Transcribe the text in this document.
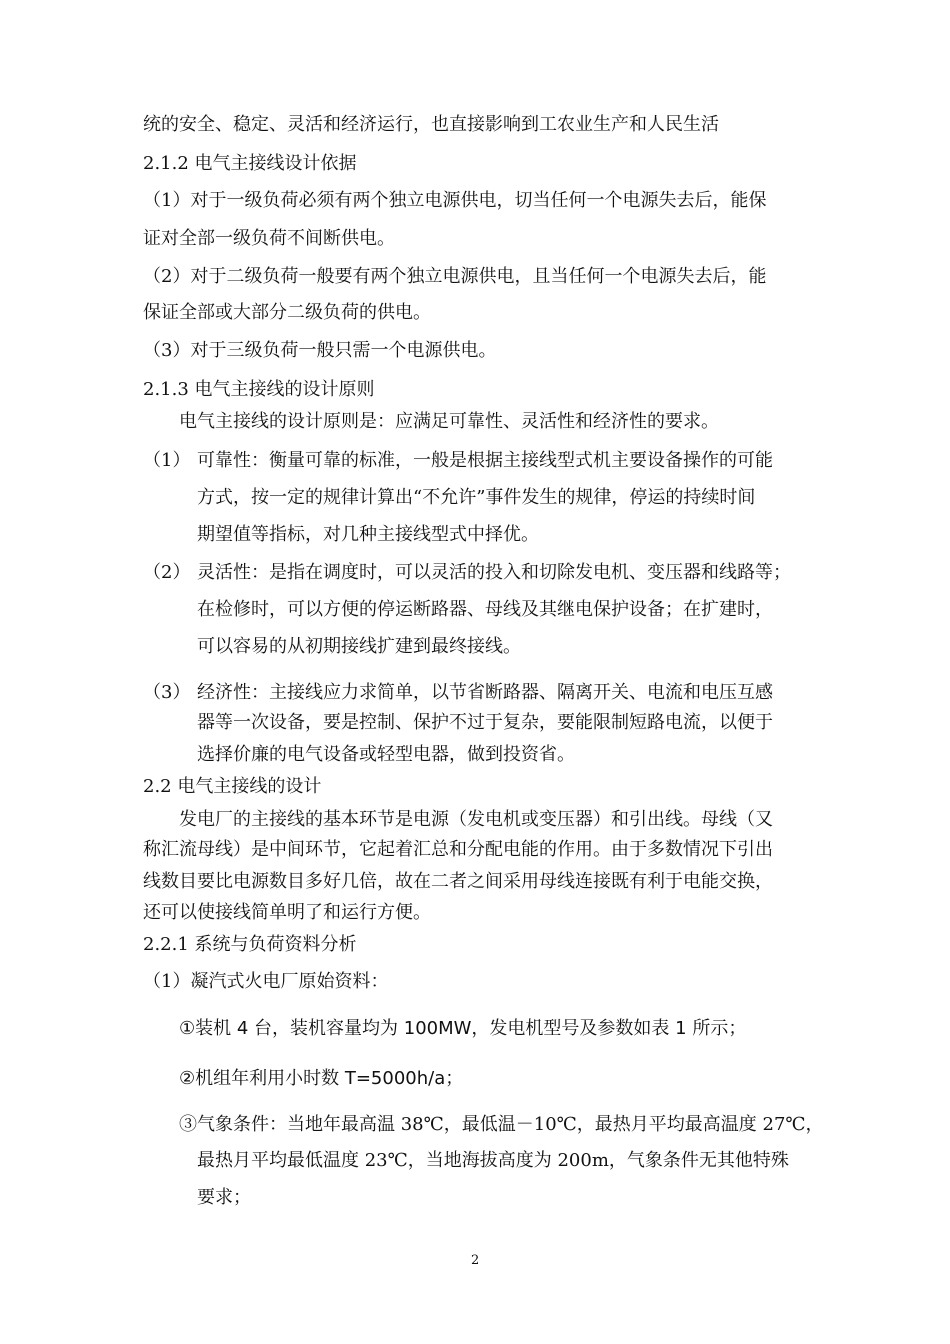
统的安全、稳定、灵活和经济运行，也直接影响到工农业生产和人民生活
2.1.2 电气主接线设计依据
（1）对于一级负荷必须有两个独立电源供电，切当任何一个电源失去后，能保
证对全部一级负荷不间断供电。
（2）对于二级负荷一般要有两个独立电源供电，且当任何一个电源失去后，能
保证全部或大部分二级负荷的供电。
（3）对于三级负荷一般只需一个电源供电。
2.1.3 电气主接线的设计原则
电气主接线的设计原则是：应满足可靠性、灵活性和经济性的要求。
（1） 可靠性：衡量可靠的标准，一般是根据主接线型式机主要设备操作的可能
方式，按一定的规律计算出“不允许”事件发生的规律，停运的持续时间
期望值等指标，对几种主接线型式中择优。
（2） 灵活性：是指在调度时，可以灵活的投入和切除发电机、变压器和线路等；
在检修时，可以方便的停运断路器、母线及其继电保护设备；在扩建时，
可以容易的从初期接线扩建到最终接线。
（3） 经济性：主接线应力求简单，以节省断路器、隔离开关、电流和电压互感
器等一次设备，要是控制、保护不过于复杂，要能限制短路电流，以便于
选择价廉的电气设备或轻型电器，做到投资省。
2.2 电气主接线的设计
发电厂的主接线的基本环节是电源（发电机或变压器）和引出线。母线（又
称汇流母线）是中间环节，它起着汇总和分配电能的作用。由于多数情况下引出
线数目要比电源数目多好几倍，故在二者之间采用母线连接既有利于电能交换，
还可以使接线简单明了和运行方便。
2.2.1 系统与负荷资料分析
（1）凝汽式火电厂原始资料：
①装机 4 台，装机容量均为 100MW，发电机型号及参数如表 1 所示；
②机组年利用小时数 T=5000h/a；
③气象条件：当地年最高温 38℃，最低温－10℃，最热月平均最高温度 27℃，
最热月平均最低温度 23℃，当地海拔高度为 200m，气象条件无其他特殊
要求；
2
